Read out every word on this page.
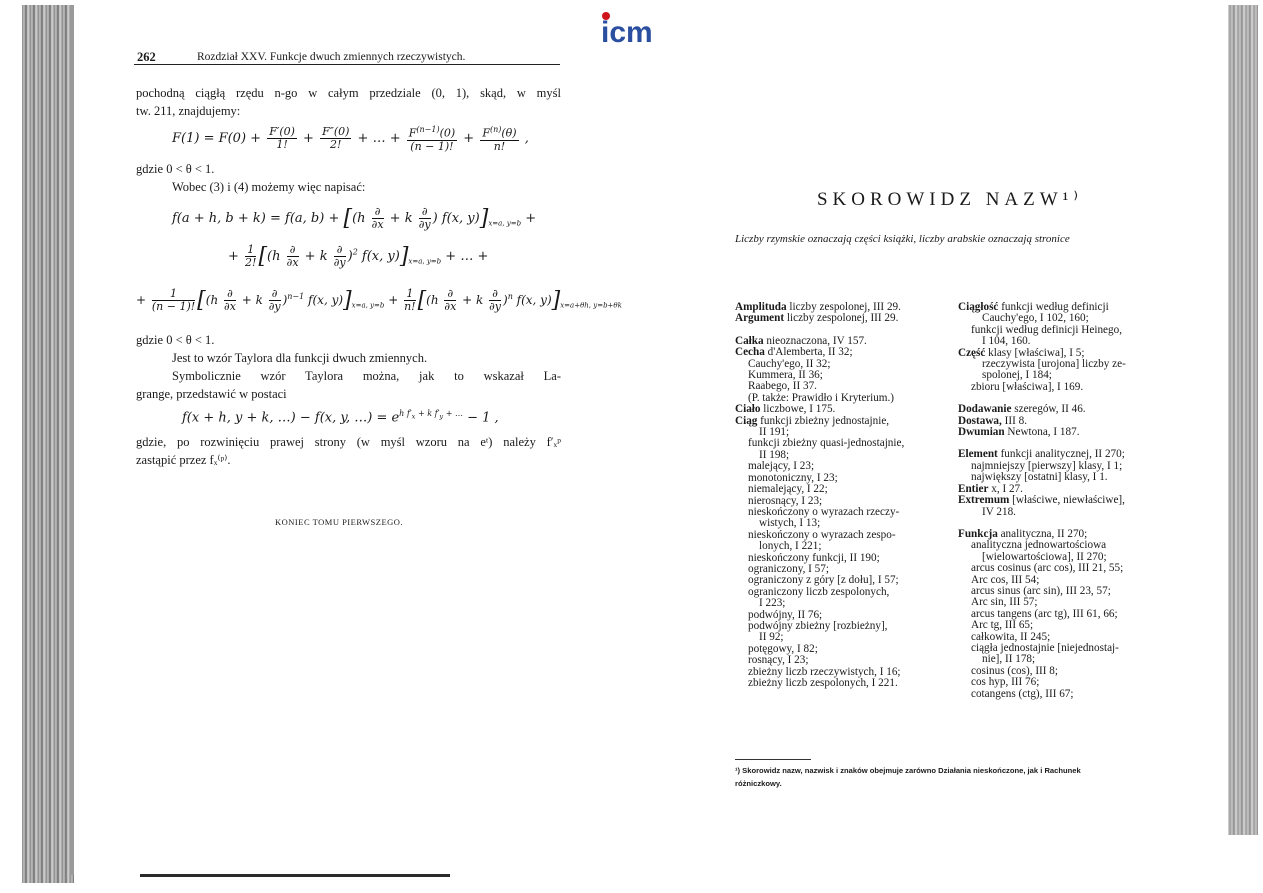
icm
262	Rozdział XXV. Funkcje dwuch zmiennych rzeczywistych.
pochodną ciągłą rzędu n-go w całym przedziale (0, 1), skąd, w myśl
tw. 211, znajdujemy:
$F(1) = F(0) + \frac{F'(0)}{1!} + \frac{F''(0)}{2!}$ + … + $\frac{F^{(n-1)}(0)}{(n - 1)!} + \frac{F^{(n)}(\theta)}{n!}$ ,
gdzie 0 < θ < 1.
Wobec (3) i (4) możemy więc napisać:
f(a + h, b + k) = f(a, $b) + [(h \frac{\partial}{\partial x} + k \frac{\partial}{\partial y}$ ) f(x, $y)]_{x=a, y=b}$ +
+ $\frac{1}{2!} [(h \frac{\partial}{\partial x} + k \frac{\partial}{\partial y} )^2$ f(x, $y)]_{x=a, y=b}$ + … +
+ $\frac{1}{(n - 1)!} [(h \frac{\partial}{\partial x} + k \frac{\partial}{\partial y} )^{n-1}$ f(x, $y)]_{x=a, y=b} + \frac{1}{n!} [(h \frac{\partial}{\partial x} + k \frac{\partial}{\partial y} )^n$ f(x, $y)]_{x=a+\theta h, y=b+\theta k}$
gdzie 0 < θ < 1.
Jest to wzór Taylora dla funkcji dwuch zmiennych.
Symbolicznie wzór Taylora można, jak to wskazał La-
grange, przedstawić w postaci
f(x + h, y + k, …) − f(x, y, …) = $e^{h f'_x + k f'_y + \dots} - 1$ ,
gdzie, po rozwinięciu prawej strony (w myśl wzoru na eᵗ) należy f′ₓᵖ
zastąpić przez fₓ⁽ᵖ⁾.
KONIEC TOMU PIERWSZEGO.
SKOROWIDZ NAZW¹⁾
Liczby rzymskie oznaczają części książki, liczby arabskie oznaczają stronice
Amplituda liczby zespolonej, III 29.
Argument liczby zespolonej, III 29.
Całka nieoznaczona, IV 157.
Cecha d'Alemberta, II 32;
Cauchy'ego, II 32;
Kummera, II 36;
Raabego, II 37.
(P. także: Prawidło i Kryterium.)
Ciało liczbowe, I 175.
Ciąg funkcji zbieżny jednostajnie,
II 191;
funkcji zbieżny quasi-jednostajnie,
II 198;
malejący, I 23;
monotoniczny, I 23;
niemalejący, I 22;
nierosnący, I 23;
nieskończony o wyrazach rzeczy-
wistych, I 13;
nieskończony o wyrazach zespo-
lonych, I 221;
nieskończony funkcji, II 190;
ograniczony, I 57;
ograniczony z góry [z dołu], I 57;
ograniczony liczb zespolonych,
I 223;
podwójny, II 76;
podwójny zbieżny [rozbieżny],
II 92;
potęgowy, I 82;
rosnący, I 23;
zbieżny liczb rzeczywistych, I 16;
zbieżny liczb zespolonych, I 221.
Ciągłość funkcji według definicji
Cauchy'ego, I 102, 160;
funkcji według definicji Heinego,
I 104, 160.
Część klasy [właściwa], I 5;
rzeczywista [urojona] liczby ze-
spolonej, I 184;
zbioru [właściwa], I 169.
Dodawanie szeregów, II 46.
Dostawa, III 8.
Dwumian Newtona, I 187.
Element funkcji analitycznej, II 270;
najmniejszy [pierwszy] klasy, I 1;
największy [ostatni] klasy, I 1.
Entier x, I 27.
Extremum [właściwe, niewłaściwe],
IV 218.
Funkcja analityczna, II 270;
analityczna jednowartościowa
[wielowartościowa], II 270;
arcus cosinus (arc cos), III 21, 55;
Arc cos, III 54;
arcus sinus (arc sin), III 23, 57;
Arc sin, III 57;
arcus tangens (arc tg), III 61, 66;
Arc tg, III 65;
całkowita, II 245;
ciągła jednostajnie [niejednostaj-
nie], II 178;
cosinus (cos), III 8;
cos hyp, III 76;
cotangens (ctg), III 67;
¹) Skorowidz nazw, nazwisk i znaków obejmuje zarówno Działania nieskończone, jak i Rachunek
różniczkowy.
